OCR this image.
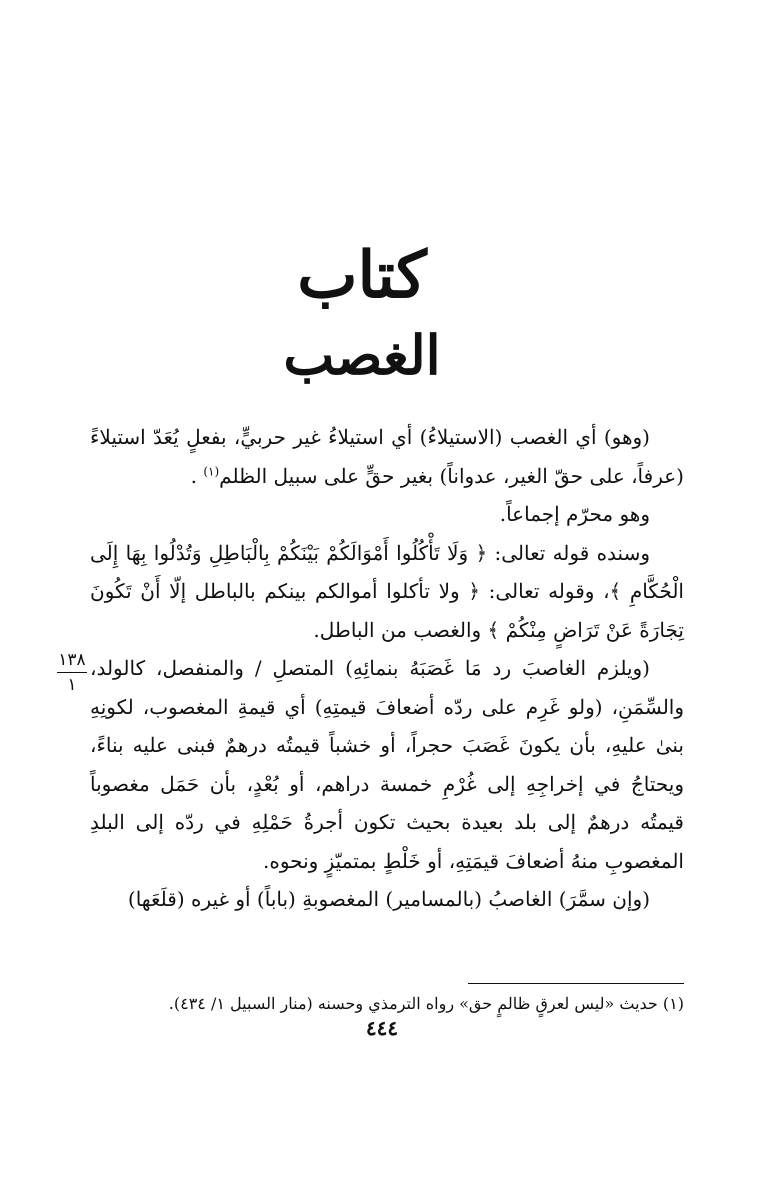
كتاب
الغصب

(وهو) أي الغصب (الاستيلاءُ) أي استيلاءُ غير حربيٍّ، بفعلٍ يُعَدّ استيلاءً (عرفاً، على حقّ الغير، عدواناً) بغير حقٍّ على سبيل الظلم$^{(١)}$ .

وهو محرّم إجماعاً.

وسنده قوله تعالى: ﴿ وَلَا تَأْكُلُوا أَمْوَالَكُمْ بَيْنَكُمْ بِالْبَاطِلِ وَتُدْلُوا بِهَا إِلَى الْحُكَّامِ ﴾، وقوله تعالى: ﴿ ولا تأكلوا أموالكم بينكم بالباطل إلّا أَنْ تَكُونَ تِجَارَةً عَنْ تَرَاضٍ مِنْكُمْ ﴾ والغصب من الباطل.

(ويلزم الغاصبَ رد مَا غَصَبَهُ بنمائِهِ) المتصلِ / والمنفصل، كالولد، والسِّمَنِ، (ولو غَرِم على ردّه أضعافَ قيمتِهِ) أي قيمةِ المغصوب، لكونِهِ بنىٰ عليهِ، بأن يكونَ غَصَبَ حجراً، أو خشباً قيمتُه درهمٌ فبنى عليه بناءً، ويحتاجُ في إخراجِهِ إلى غُرْمِ خمسة دراهم، أو بُعْدٍ، بأن حَمَل مغصوباً قيمتُه درهمٌ إلى بلد بعيدة بحيث تكون أجرةُ حَمْلِهِ في ردّه إلى البلدِ المغصوبِ منهُ أضعافَ قيمَتِهِ، أو خَلْطٍ بمتميّزٍ ونحوه.

(وإن سمَّرَ) الغاصبُ (بالمسامير) المغصوبةِ (باباً) أو غيره (قلَعَها)

١٣٨
١
(١) حديث «ليس لعرقٍ ظالمٍ حق» رواه الترمذي وحسنه (منار السبيل ١/ ٤٣٤).
٤٤٤
